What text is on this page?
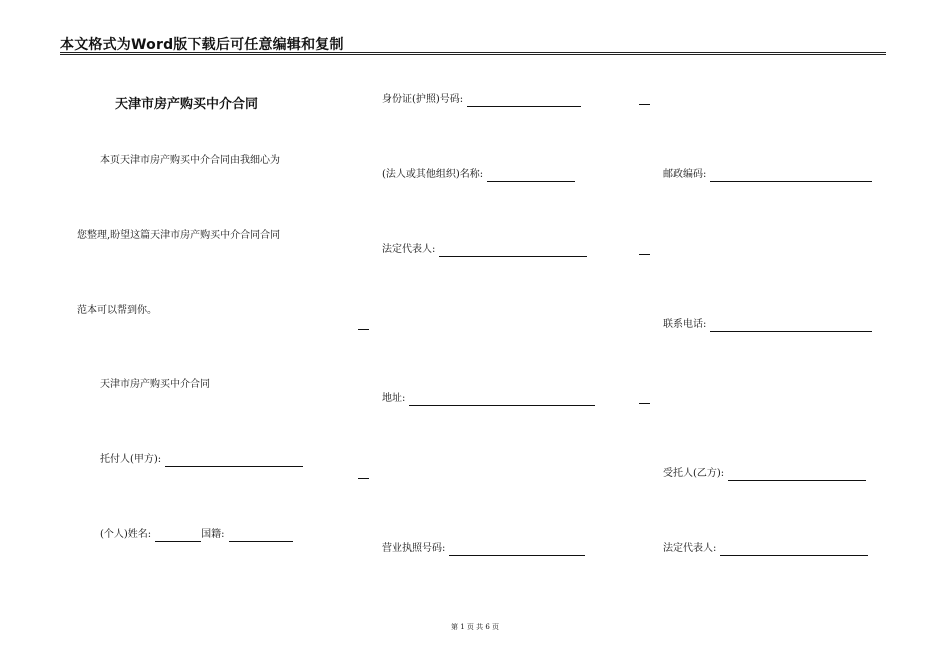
本文格式为Word版下载后可任意编辑和复制
天津市房产购买中介合同
本页天津市房产购买中介合同由我细心为
您整理,盼望这篇天津市房产购买中介合同合同
范本可以帮到你。
天津市房产购买中介合同
托付人(甲方):
(个人)姓名:	国籍:
身份证(护照)号码:
(法人或其他组织)名称:
法定代表人:
地址:
营业执照号码:
邮政编码:
联系电话:
受托人(乙方):
法定代表人:
第 1 页 共 6 页
